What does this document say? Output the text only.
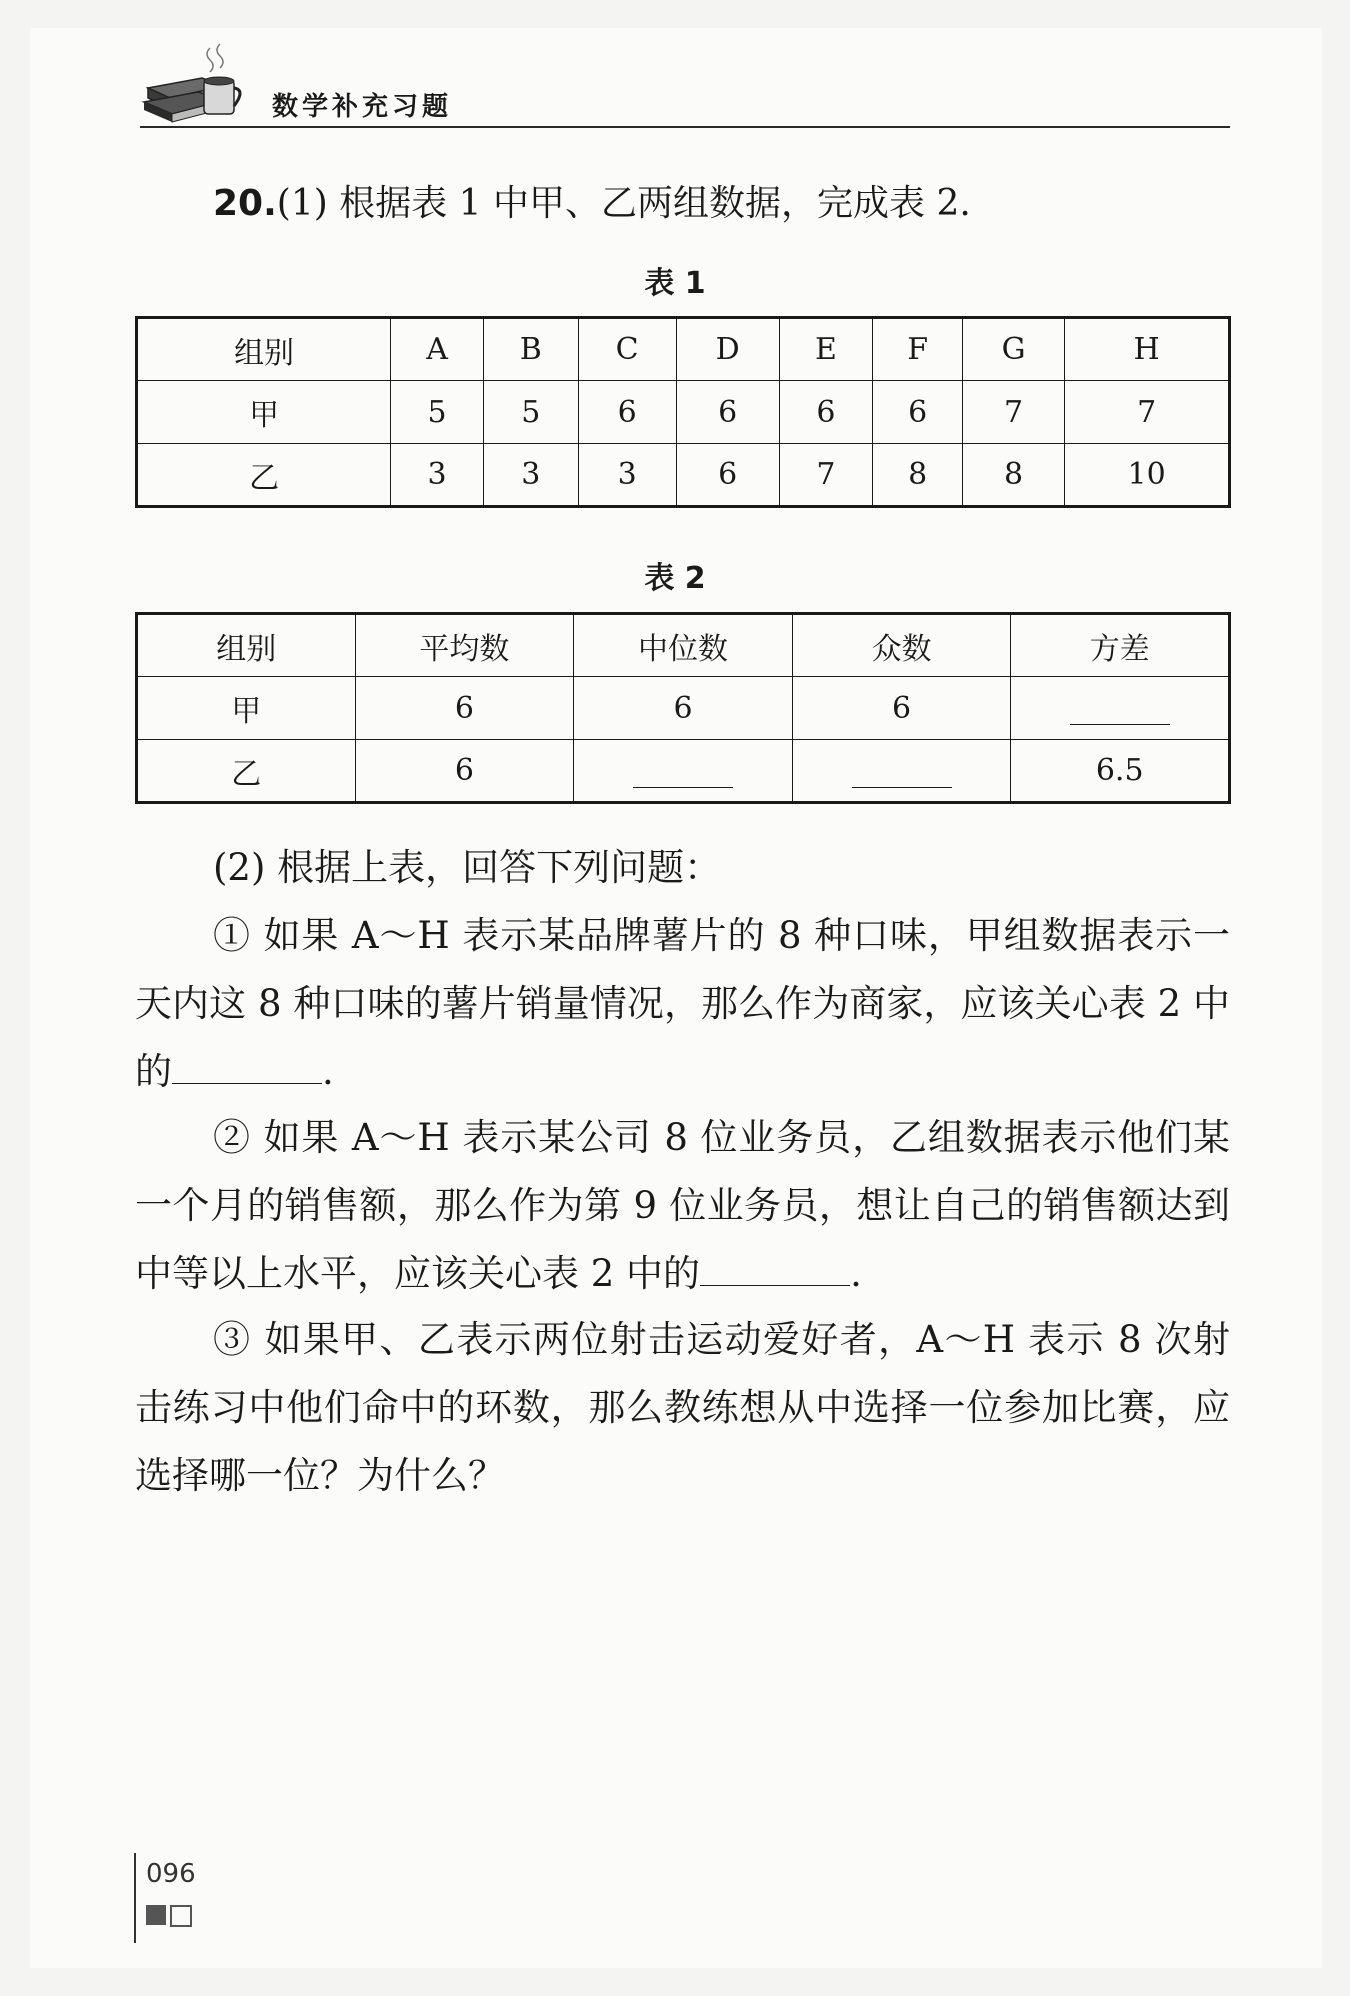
数学补充习题
20.(1) 根据表 1 中甲、乙两组数据，完成表 2.
表 1
组别	A	B	C	D	E	F	G	H
甲	5	5	6	6	6	6	7	7
乙	3	3	3	6	7	8	8	10
表 2
组别	平均数	中位数	众数	方差
甲	6	6	6	
乙	6			6.5
(2) 根据上表，回答下列问题：
① 如果 A～H 表示某品牌薯片的 8 种口味，甲组数据表示一天内这 8 种口味的薯片销量情况，那么作为商家，应该关心表 2 中的	.
② 如果 A～H 表示某公司 8 位业务员，乙组数据表示他们某一个月的销售额，那么作为第 9 位业务员，想让自己的销售额达到中等以上水平，应该关心表 2 中的	.
③ 如果甲、乙表示两位射击运动爱好者，A～H 表示 8 次射击练习中他们命中的环数，那么教练想从中选择一位参加比赛，应选择哪一位？为什么？
096
